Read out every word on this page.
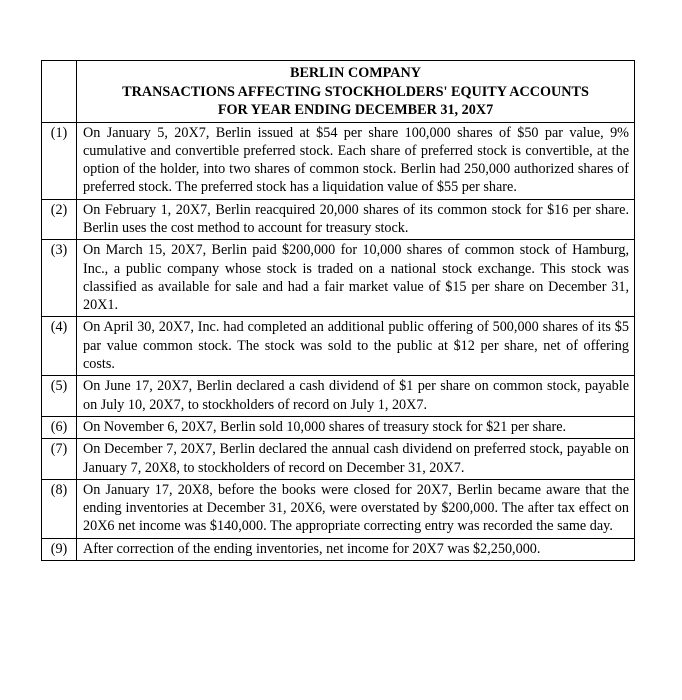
	BERLIN COMPANY
TRANSACTIONS AFFECTING STOCKHOLDERS' EQUITY ACCOUNTS
FOR YEAR ENDING DECEMBER 31, 20X7

(1)	On January 5, 20X7, Berlin issued at $54 per share 100,000 shares of $50 par value, 9% cumulative and convertible preferred stock. Each share of preferred stock is convertible, at the option of the holder, into two shares of common stock. Berlin had 250,000 authorized shares of preferred stock. The preferred stock has a liquidation value of $55 per share.
(2)	On February 1, 20X7, Berlin reacquired 20,000 shares of its common stock for $16 per share. Berlin uses the cost method to account for treasury stock.
(3)	On March 15, 20X7, Berlin paid $200,000 for 10,000 shares of common stock of Hamburg, Inc., a public company whose stock is traded on a national stock exchange. This stock was classified as available for sale and had a fair market value of $15 per share on December 31, 20X1.
(4)	On April 30, 20X7, Inc. had completed an additional public offering of 500,000 shares of its $5 par value common stock. The stock was sold to the public at $12 per share, net of offering costs.
(5)	On June 17, 20X7, Berlin declared a cash dividend of $1 per share on common stock, payable on July 10, 20X7, to stockholders of record on July 1, 20X7.
(6)	On November 6, 20X7, Berlin sold 10,000 shares of treasury stock for $21 per share.
(7)	On December 7, 20X7, Berlin declared the annual cash dividend on preferred stock, payable on January 7, 20X8, to stockholders of record on December 31, 20X7.
(8)	On January 17, 20X8, before the books were closed for 20X7, Berlin became aware that the ending inventories at December 31, 20X6, were overstated by $200,000. The after tax effect on 20X6 net income was $140,000. The appropriate correcting entry was recorded the same day.
(9)	After correction of the ending inventories, net income for 20X7 was $2,250,000.
